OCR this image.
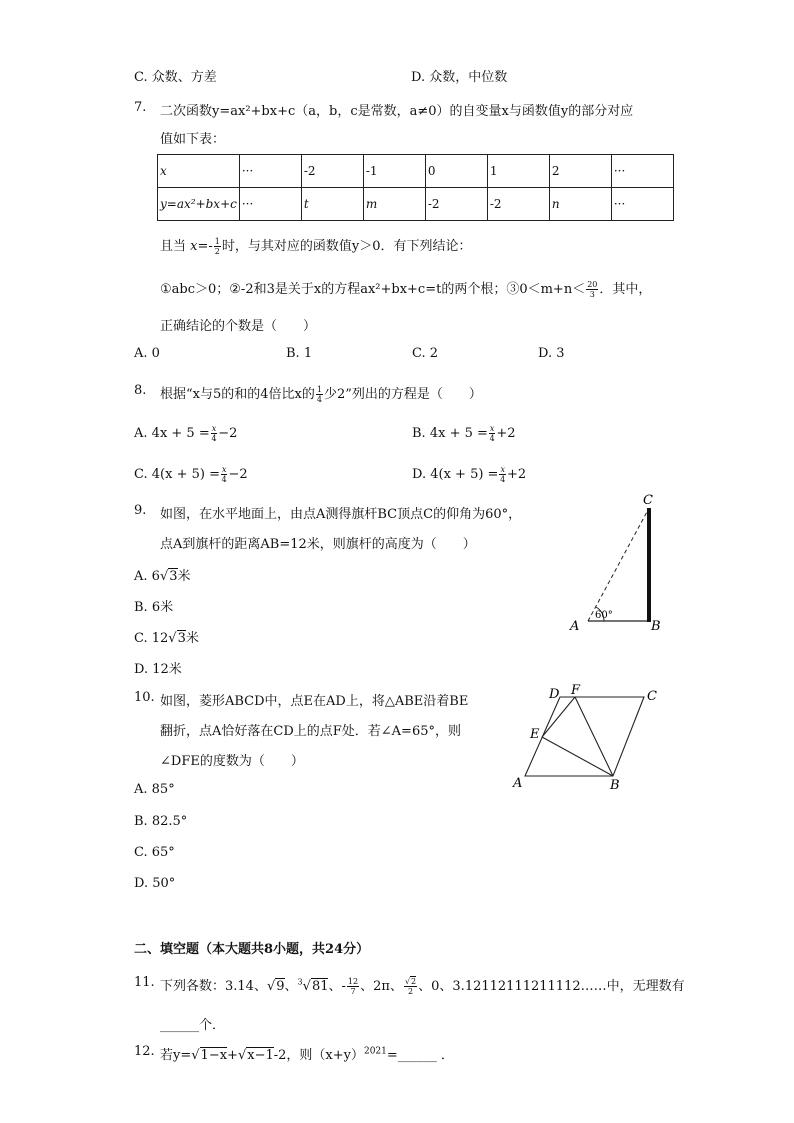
C. 众数、方差	D. 众数，中位数
7. 二次函数y=ax²+bx+c（a，b，c是常数，a≠0）的自变量x与函数值y的部分对应
值如下表：
x	···	-2	-1	0	1	2	···
y=ax²+bx+c	···	t	m	-2	-2	n	···
且当 $x=- \frac{1}{2}$ 时，与其对应的函数值y＞0．有下列结论：
①abc＞0；②-2和3是关于x的方程ax²+bx+c=t的两个根；③0＜m+n＜ $\frac{20}{3}$ ．其中，
正确结论的个数是（　　）
A. 0	B. 1	C. 2	D. 3
8. 根据“x与5的和的4倍比x的 $\frac{1}{4}$ 少2”列出的方程是（　　）
A. $4x + 5 = \frac{x}{4} -2$	B. $4x + 5 = \frac{x}{4} +2$
C. $4(x + 5) = \frac{x}{4} -2$	D. $4(x + 5) = \frac{x}{4} +2$
9. 如图，在水平地面上，由点A测得旗杆BC顶点C的仰角为60°，
点A到旗杆的距离AB=12米，则旗杆的高度为（　　）
A. 6√3米
B. 6米
C. 12√3米
D. 12米
C
A	B
60°
10. 如图，菱形ABCD中，点E在AD上，将△ABE沿着BE
翻折，点A恰好落在CD上的点F处．若∠A=65°，则
∠DFE的度数为（　　）
A. 85°
B. 82.5°
C. 65°
D. 50°
D F	C
E
A	B
二、填空题（本大题共8小题，共24分）
11. 下列各数：3.14、√9、$^3$√81、- $\frac{12}{7}$ 、2π、 $\frac{√2}{2}$ 、0、3.12112111211112……中，无理数有
______个．
12. 若y=√1−x+√x−1-2，则$(x+y)^{2021}=\_\_\_\_\_\_$ ．
